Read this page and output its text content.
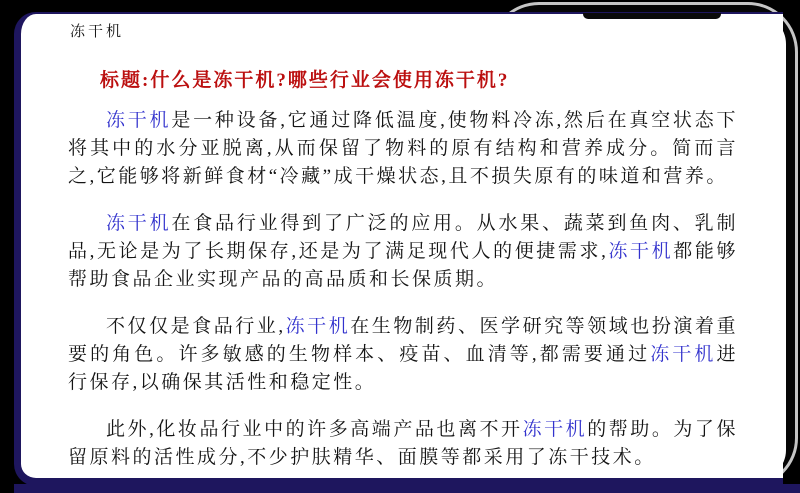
冻干机
标题:什么是冻干机?哪些行业会使用冻干机?

冻干机是一种设备,它通过降低温度,使物料冷冻,然后在真空状态下将其中的水分亚脱离,从而保留了物料的原有结构和营养成分。简而言之,它能够将新鲜食材“冷藏”成干燥状态,且不损失原有的味道和营养。

冻干机在食品行业得到了广泛的应用。从水果、蔬菜到鱼肉、乳制品,无论是为了长期保存,还是为了满足现代人的便捷需求,冻干机都能够帮助食品企业实现产品的高品质和长保质期。

不仅仅是食品行业,冻干机在生物制药、医学研究等领域也扮演着重要的角色。许多敏感的生物样本、疫苗、血清等,都需要通过冻干机进行保存,以确保其活性和稳定性。

此外,化妆品行业中的许多高端产品也离不开冻干机的帮助。为了保留原料的活性成分,不少护肤精华、面膜等都采用了冻干技术。
